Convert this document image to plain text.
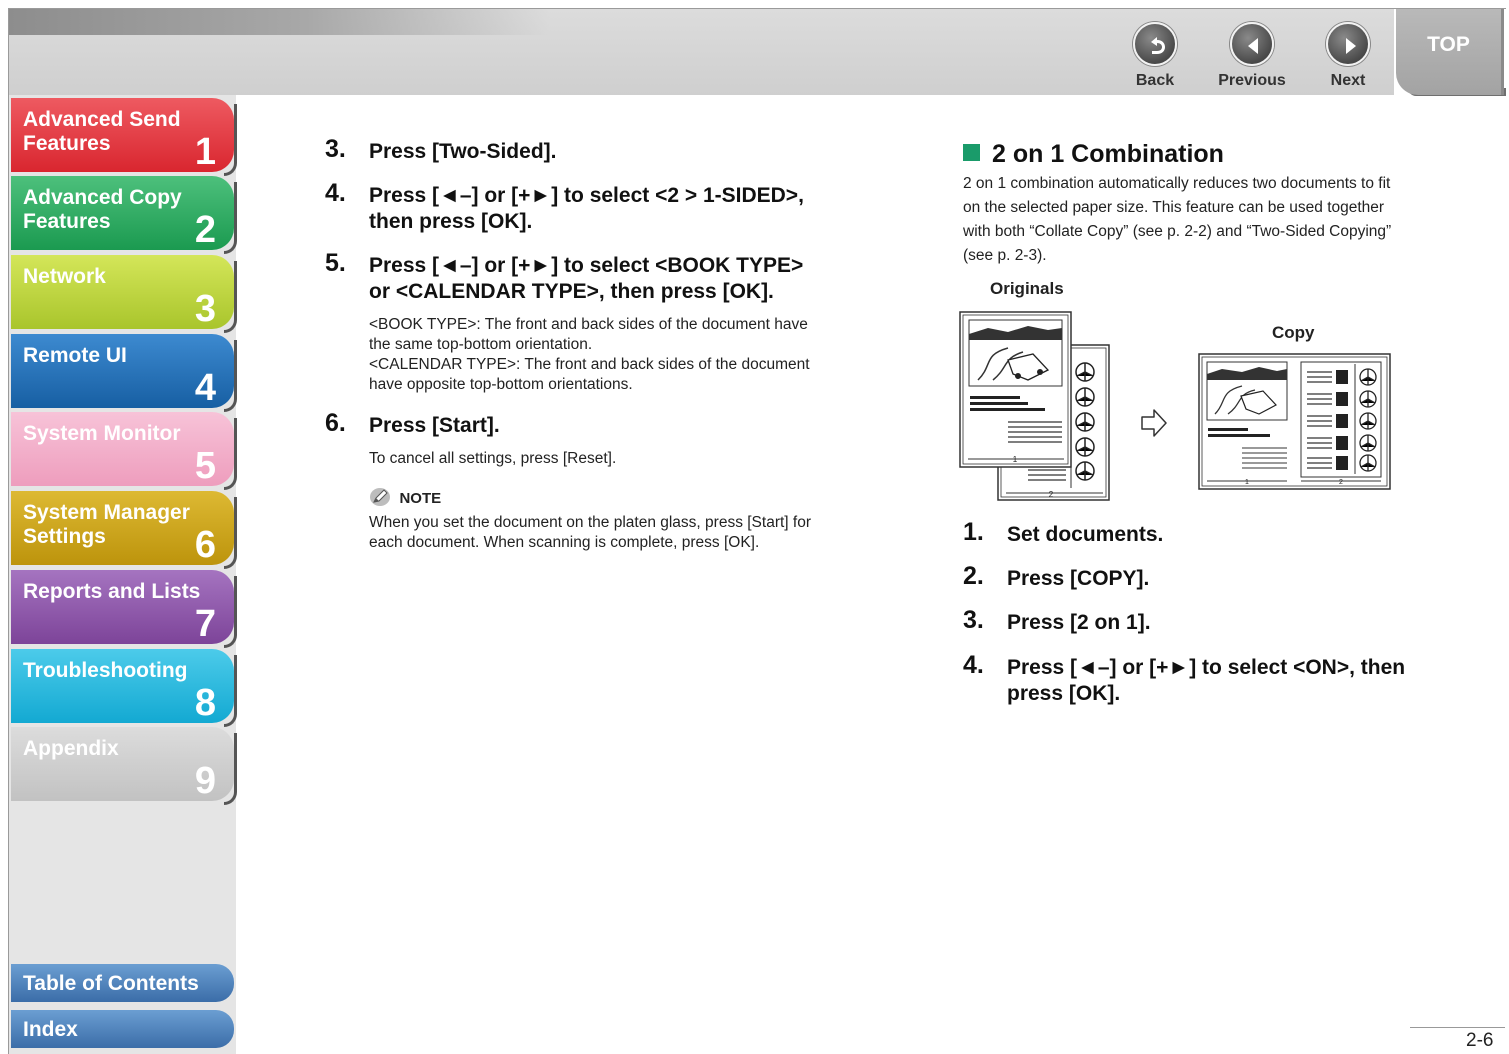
Back	Previous	Next
TOP
Advanced Send
Features	1
Advanced Copy
Features	2
Network
3
Remote UI
4
System Monitor
5
System Manager
Settings	6
Reports and Lists
7
Troubleshooting
8
Appendix
9
Table of Contents
Index
3. Press [Two-Sided].
4. Press [◄–] or [+►] to select <2 > 1-SIDED>,
then press [OK].
5. Press [◄–] or [+►] to select <BOOK TYPE>
or <CALENDAR TYPE>, then press [OK].
<BOOK TYPE>: The front and back sides of the document have
the same top-bottom orientation.
<CALENDAR TYPE>: The front and back sides of the document
have opposite top-bottom orientations.
6. Press [Start].
To cancel all settings, press [Reset].
NOTE
When you set the document on the platen glass, press [Start] for
each document. When scanning is complete, press [OK].
2 on 1 Combination
2 on 1 combination automatically reduces two documents to fit
on the selected paper size. This feature can be used together
with both “Collate Copy” (see p. 2-2) and “Two-Sided Copying”
(see p. 2-3).
Originals
Copy
2
1
1	2
1. Set documents.
2. Press [COPY].
3. Press [2 on 1].
4. Press [◄–] or [+►] to select <ON>, then
press [OK].
2-6
